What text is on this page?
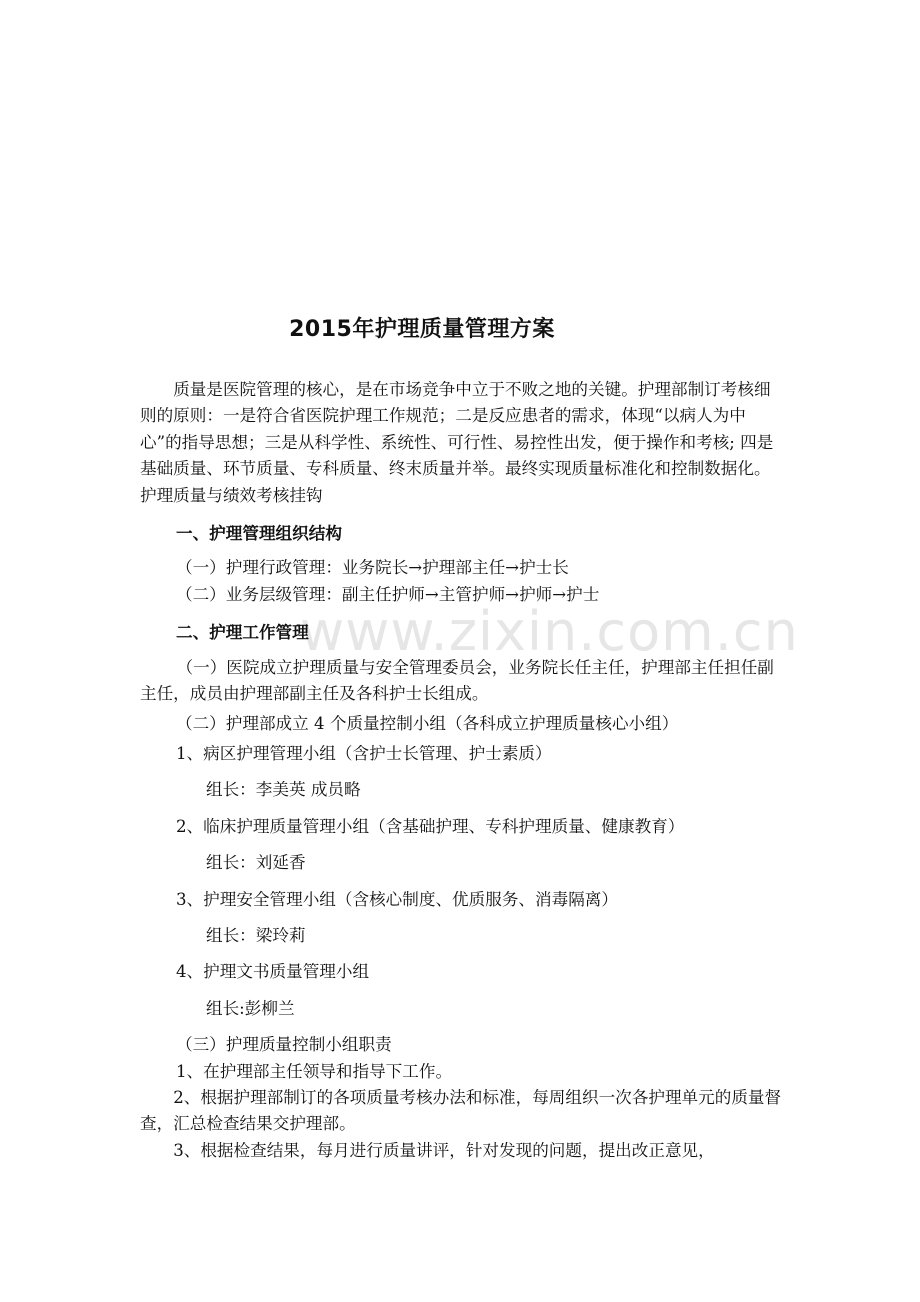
2015年护理质量管理方案
www.zixin.com.cn

质量是医院管理的核心，是在市场竞争中立于不败之地的关键。护理部制订考核细则的原则：一是符合省医院护理工作规范；二是反应患者的需求，体现“以病人为中心”的指导思想；三是从科学性、系统性、可行性、易控性出发，便于操作和考核; 四是基础质量、环节质量、专科质量、终末质量并举。最终实现质量标准化和控制数据化。护理质量与绩效考核挂钩

一、护理管理组织结构

（一）护理行政管理：业务院长→护理部主任→护士长

（二）业务层级管理：副主任护师→主管护师→护师→护士

二、护理工作管理

（一）医院成立护理质量与安全管理委员会，业务院长任主任，护理部主任担任副主任，成员由护理部副主任及各科护士长组成。

（二）护理部成立 4 个质量控制小组（各科成立护理质量核心小组）

1、病区护理管理小组（含护士长管理、护士素质）

组长：李美英 成员略

2、临床护理质量管理小组（含基础护理、专科护理质量、健康教育）

组长：刘延香

3、护理安全管理小组（含核心制度、优质服务、消毒隔离）

组长：梁玲莉

4、护理文书质量管理小组

组长:彭柳兰

（三）护理质量控制小组职责

1、在护理部主任领导和指导下工作。

2、根据护理部制订的各项质量考核办法和标准，每周组织一次各护理单元的质量督查，汇总检查结果交护理部。

3、根据检查结果，每月进行质量讲评，针对发现的问题，提出改正意见，
